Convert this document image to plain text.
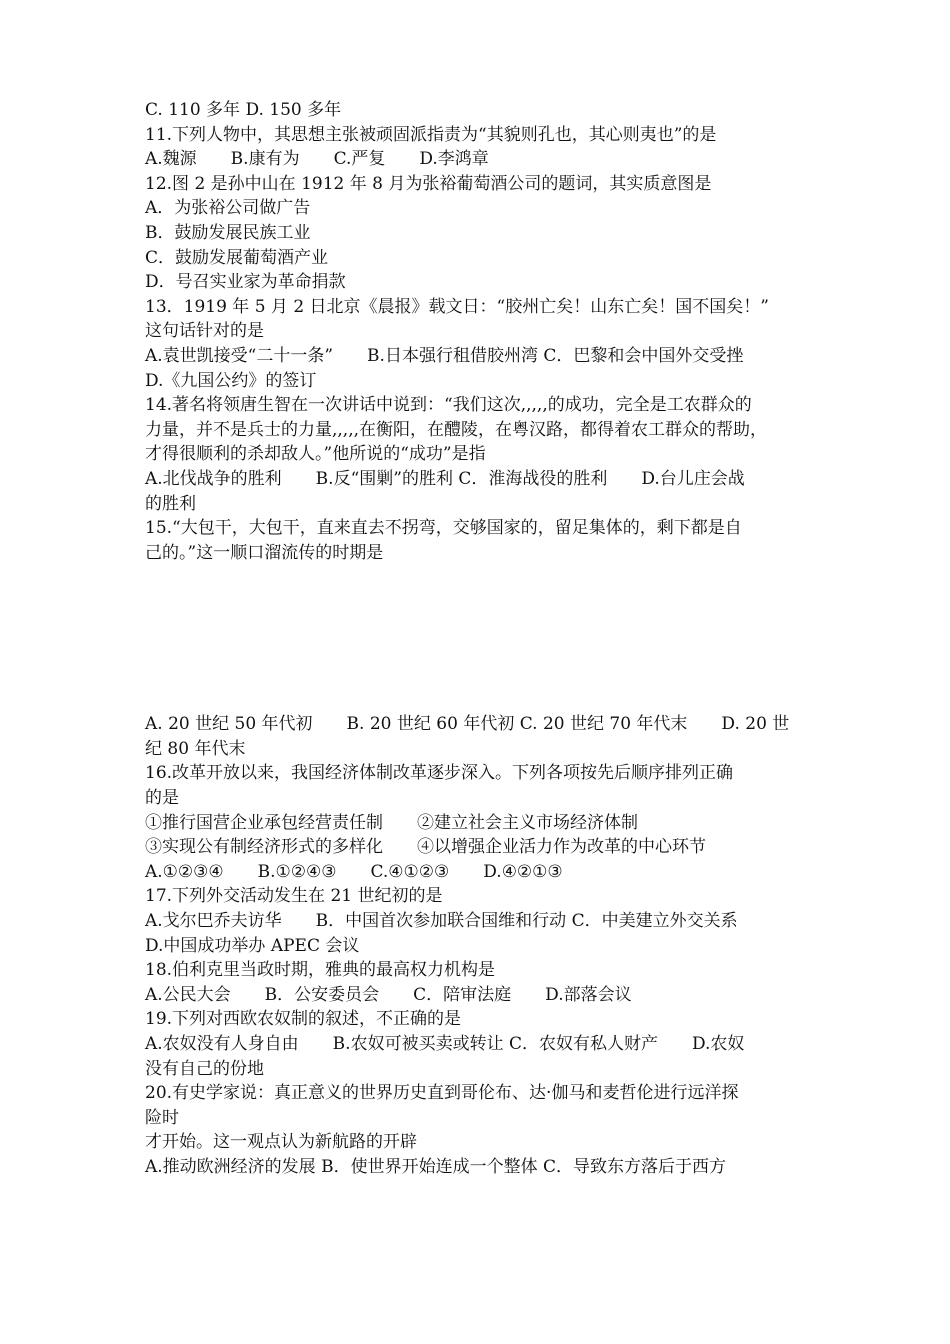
C. 110 多年 D. 150 多年
11.下列人物中，其思想主张被顽固派指责为“其貌则孔也，其心则夷也”的是
A.魏源　　B.康有为　　C.严复　　D.李鸿章
12.图 2 是孙中山在 1912 年 8 月为张裕葡萄酒公司的题词，其实质意图是
A．为张裕公司做广告
B．鼓励发展民族工业
C．鼓励发展葡萄酒产业
D．号召实业家为革命捐款
13．1919 年 5 月 2 日北京《晨报》载文日：“胶州亡矣！山东亡矣！国不国矣！”
这句话针对的是
A.袁世凯接受“二十一条”　　B.日本强行租借胶州湾 C．巴黎和会中国外交受挫
D.《九国公约》的签订
14.著名将领唐生智在一次讲话中说到：“我们这次,,,,,的成功，完全是工农群众的
力量，并不是兵士的力量,,,,,在衡阳，在醴陵，在粤汉路，都得着农工群众的帮助，
才得很顺利的杀却敌人。”他所说的“成功”是指
A.北伐战争的胜利　　B.反“围剿”的胜利 C．淮海战役的胜利　　D.台儿庄会战
的胜利
15.“大包干，大包干，直来直去不拐弯，交够国家的，留足集体的，剩下都是自
己的。”这一顺口溜流传的时期是
A. 20 世纪 50 年代初　　B. 20 世纪 60 年代初 C. 20 世纪 70 年代末　　D. 20 世
纪 80 年代末
16.改革开放以来，我国经济体制改革逐步深入。下列各项按先后顺序排列正确
的是
①推行国营企业承包经营责任制　　②建立社会主义市场经济体制
③实现公有制经济形式的多样化　　④以增强企业活力作为改革的中心环节
A.①②③④　　B.①②④③　　C.④①②③　　D.④②①③
17.下列外交活动发生在 21 世纪初的是
A.戈尔巴乔夫访华　　B．中国首次参加联合国维和行动 C．中美建立外交关系
D.中国成功举办 APEC 会议
18.伯利克里当政时期，雅典的最高权力机构是
A.公民大会　　B．公安委员会　　C．陪审法庭　　D.部落会议
19.下列对西欧农奴制的叙述，不正确的是
A.农奴没有人身自由　　B.农奴可被买卖或转让 C．农奴有私人财产　　D.农奴
没有自己的份地
20.有史学家说：真正意义的世界历史直到哥伦布、达·伽马和麦哲伦进行远洋探
险时
才开始。这一观点认为新航路的开辟
A.推动欧洲经济的发展 B．使世界开始连成一个整体 C．导致东方落后于西方
